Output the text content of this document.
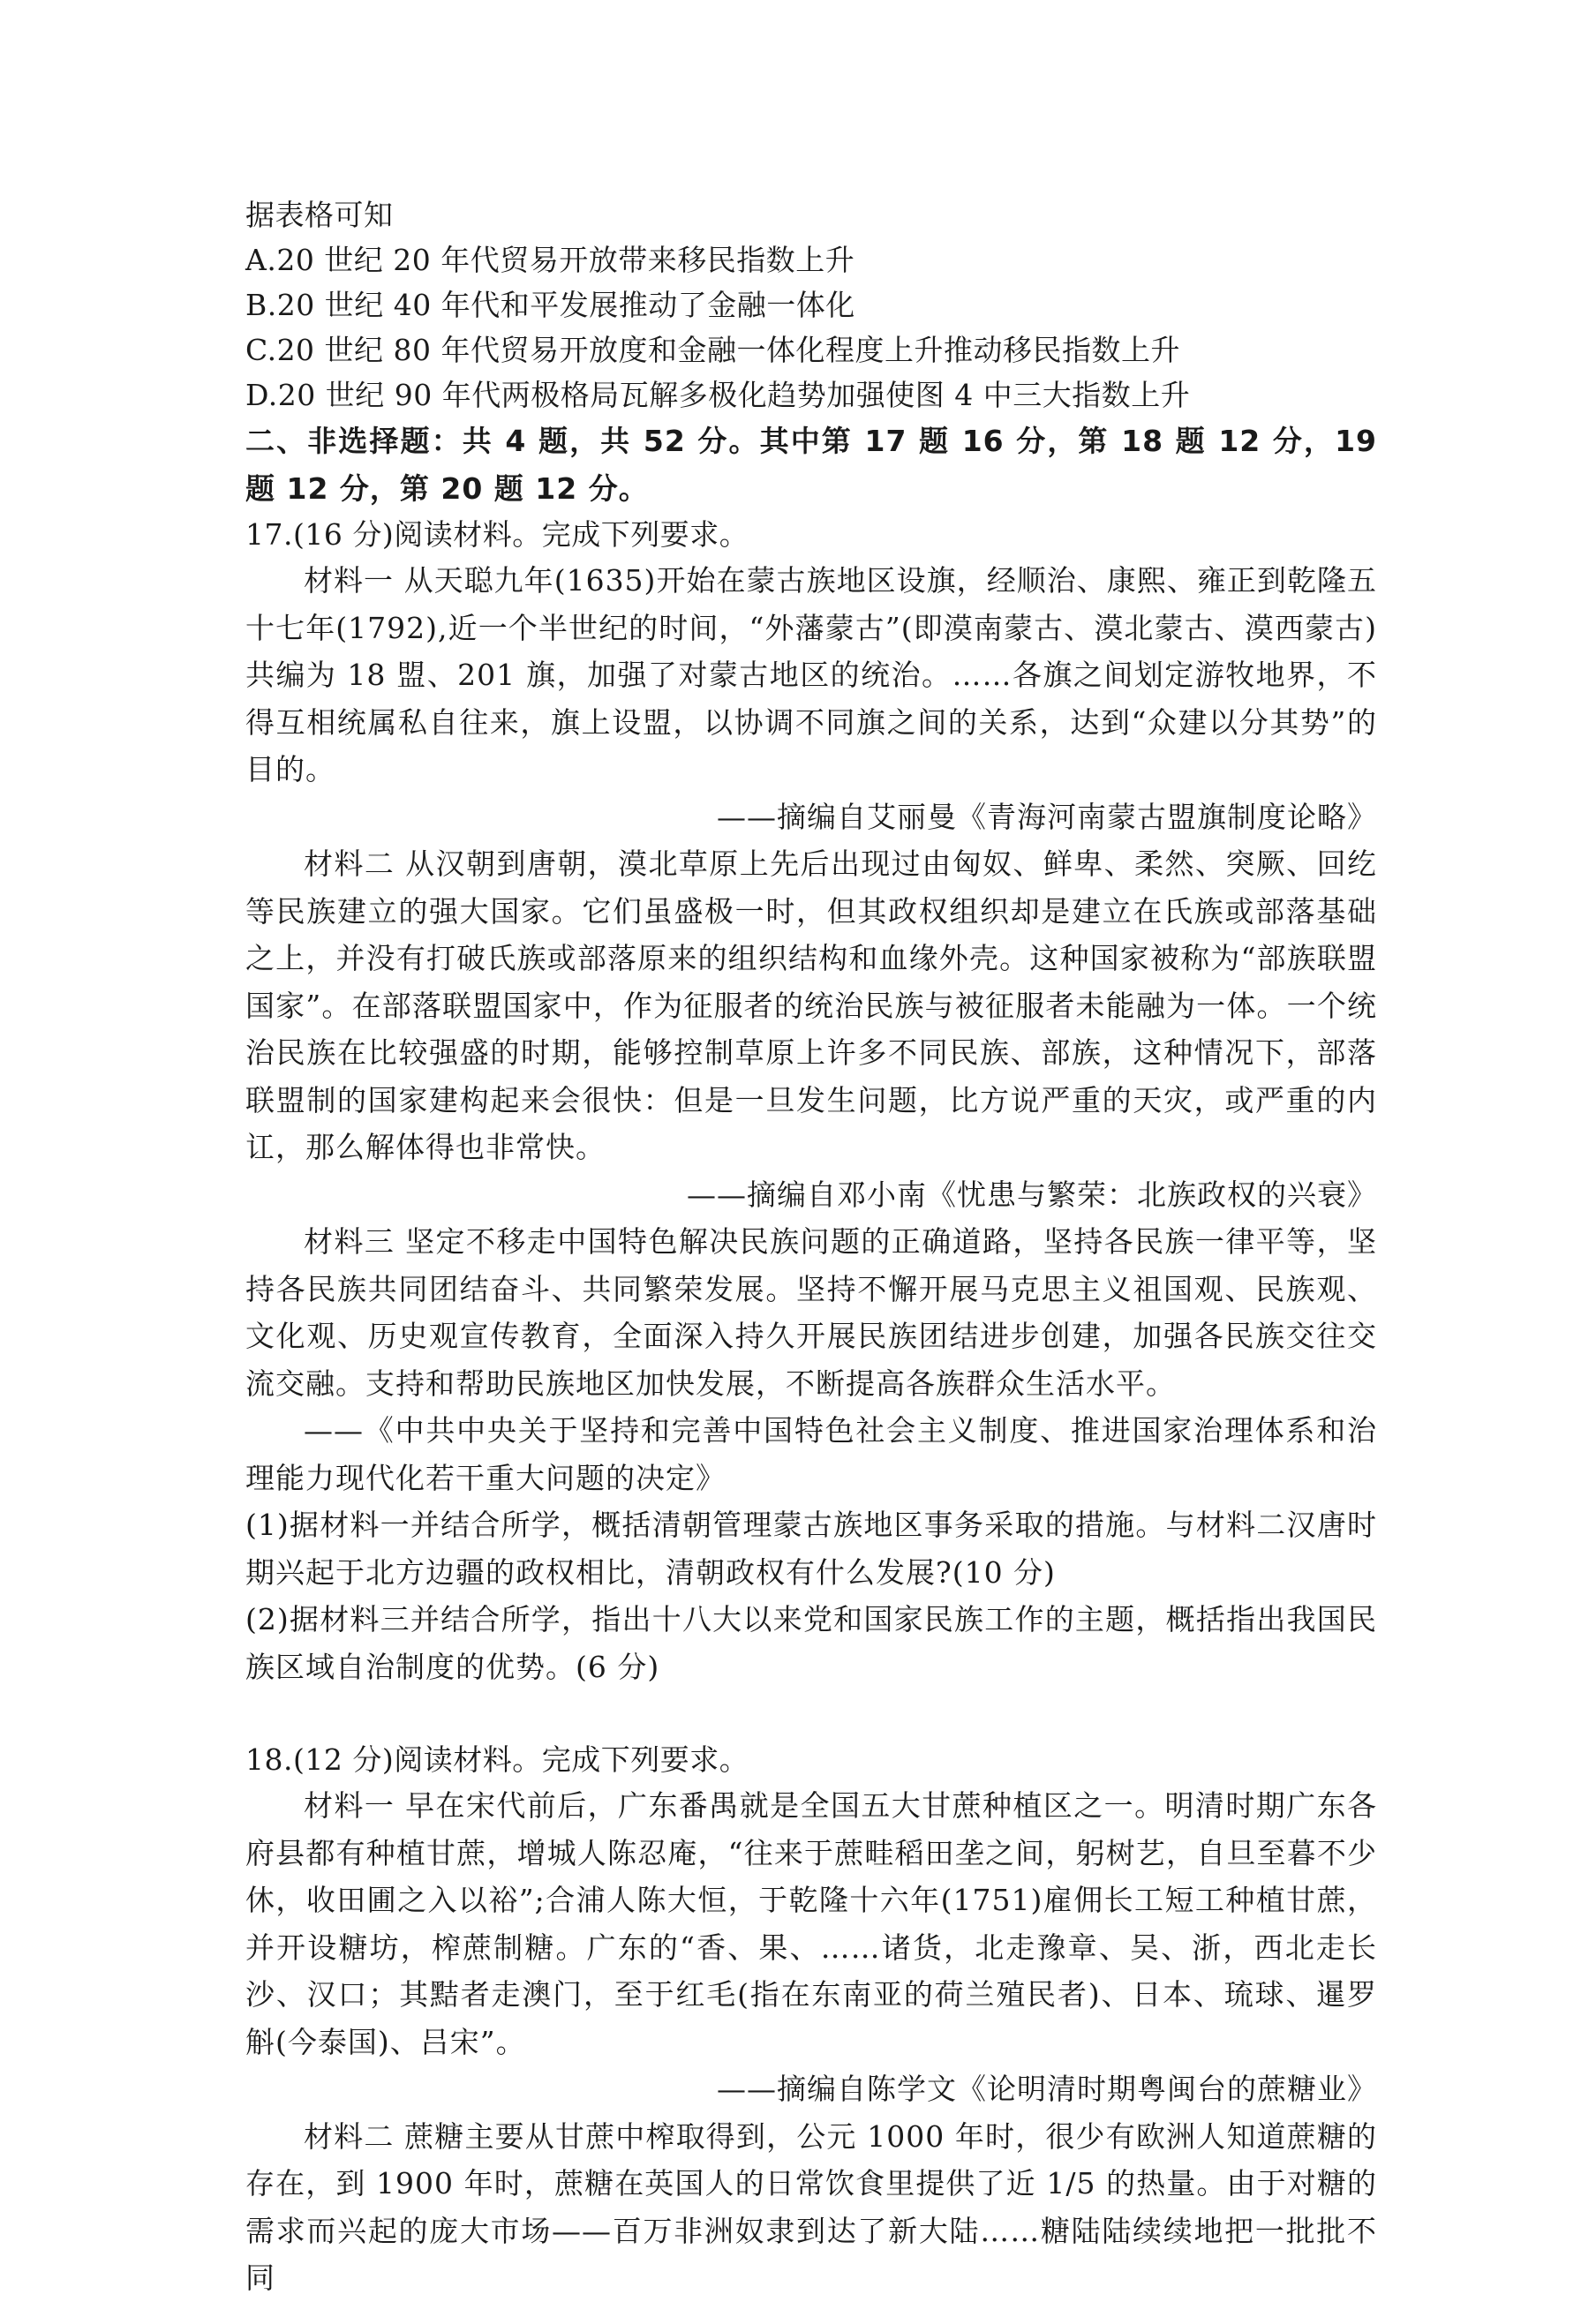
据表格可知
A.20 世纪 20 年代贸易开放带来移民指数上升
B.20 世纪 40 年代和平发展推动了金融一体化
C.20 世纪 80 年代贸易开放度和金融一体化程度上升推动移民指数上升
D.20 世纪 90 年代两极格局瓦解多极化趋势加强使图 4 中三大指数上升
二、非选择题：共 4 题，共 52 分。其中第 17 题 16 分，第 18 题 12 分，19 题 12 分，第 20 题 12 分。
17.(16 分)阅读材料。完成下列要求。
材料一 从天聪九年(1635)开始在蒙古族地区设旗，经顺治、康熙、雍正到乾隆五十七年(1792),近一个半世纪的时间，“外藩蒙古”(即漠南蒙古、漠北蒙古、漠西蒙古)共编为 18 盟、201 旗，加强了对蒙古地区的统治。……各旗之间划定游牧地界，不得互相统属私自往来，旗上设盟，以协调不同旗之间的关系，达到“众建以分其势”的目的。
——摘编自艾丽曼《青海河南蒙古盟旗制度论略》
材料二 从汉朝到唐朝，漠北草原上先后出现过由匈奴、鲜卑、柔然、突厥、回纥等民族建立的强大国家。它们虽盛极一时，但其政权组织却是建立在氏族或部落基础之上，并没有打破氏族或部落原来的组织结构和血缘外壳。这种国家被称为“部族联盟国家”。在部落联盟国家中，作为征服者的统治民族与被征服者未能融为一体。一个统治民族在比较强盛的时期，能够控制草原上许多不同民族、部族，这种情况下，部落联盟制的国家建构起来会很快：但是一旦发生问题，比方说严重的天灾，或严重的内讧，那么解体得也非常快。
——摘编自邓小南《忧患与繁荣：北族政权的兴衰》
材料三 坚定不移走中国特色解决民族问题的正确道路，坚持各民族一律平等，坚持各民族共同团结奋斗、共同繁荣发展。坚持不懈开展马克思主义祖国观、民族观、文化观、历史观宣传教育，全面深入持久开展民族团结进步创建，加强各民族交往交流交融。支持和帮助民族地区加快发展，不断提高各族群众生活水平。
——《中共中央关于坚持和完善中国特色社会主义制度、推进国家治理体系和治理能力现代化若干重大问题的决定》
(1)据材料一并结合所学，概括清朝管理蒙古族地区事务采取的措施。与材料二汉唐时期兴起于北方边疆的政权相比，清朝政权有什么发展?(10 分)
(2)据材料三并结合所学，指出十八大以来党和国家民族工作的主题，概括指出我国民族区域自治制度的优势。(6 分)
18.(12 分)阅读材料。完成下列要求。
材料一 早在宋代前后，广东番禺就是全国五大甘蔗种植区之一。明清时期广东各府县都有种植甘蔗，增城人陈忍庵，“往来于蔗畦稻田垄之间，躬树艺，自旦至暮不少休，收田圃之入以裕”;合浦人陈大恒，于乾隆十六年(1751)雇佣长工短工种植甘蔗，并开设糖坊，榨蔗制糖。广东的“香、果、……诸货，北走豫章、吴、浙，西北走长沙、汉口；其黠者走澳门，至于红毛(指在东南亚的荷兰殖民者)、日本、琉球、暹罗斛(今泰国)、吕宋”。
——摘编自陈学文《论明清时期粤闽台的蔗糖业》
材料二 蔗糖主要从甘蔗中榨取得到，公元 1000 年时，很少有欧洲人知道蔗糖的存在，到 1900 年时，蔗糖在英国人的日常饮食里提供了近 1/5 的热量。由于对糖的需求而兴起的庞大市场——百万非洲奴隶到达了新大陆……糖陆陆续续地把一批批不同
